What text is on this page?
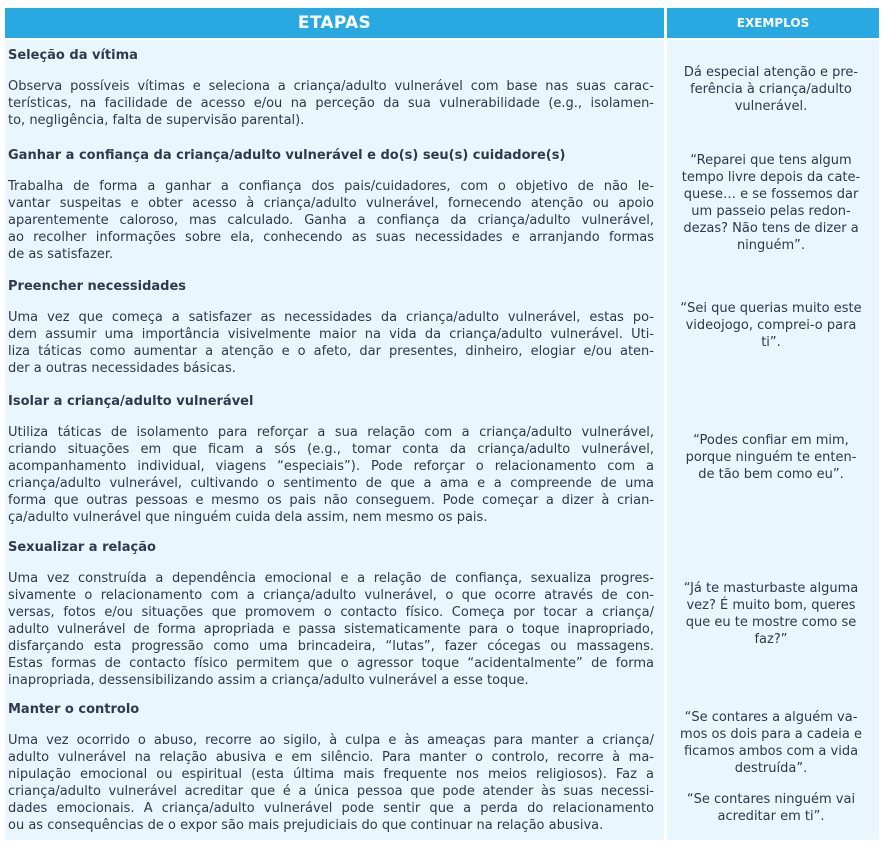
ETAPAS	EXEMPLOS
Seleção da vítima
Observa possíveis vítimas e seleciona a criança/adulto vulnerável com base nas suas carac-
terísticas, na facilidade de acesso e/ou na perceção da sua vulnerabilidade (e.g., isolamen-
to, negligência, falta de supervisão parental).
Ganhar a confiança da criança/adulto vulnerável e do(s) seu(s) cuidadore(s)
Trabalha de forma a ganhar a confiança dos pais/cuidadores, com o objetivo de não le-
vantar suspeitas e obter acesso à criança/adulto vulnerável, fornecendo atenção ou apoio
aparentemente caloroso, mas calculado. Ganha a confiança da criança/adulto vulnerável,
ao recolher informações sobre ela, conhecendo as suas necessidades e arranjando formas
de as satisfazer.
Preencher necessidades
Uma vez que começa a satisfazer as necessidades da criança/adulto vulnerável, estas po-
dem assumir uma importância visivelmente maior na vida da criança/adulto vulnerável. Uti-
liza táticas como aumentar a atenção e o afeto, dar presentes, dinheiro, elogiar e/ou aten-
der a outras necessidades básicas.
Isolar a criança/adulto vulnerável
Utiliza táticas de isolamento para reforçar a sua relação com a criança/adulto vulnerável,
criando situações em que ficam a sós (e.g., tomar conta da criança/adulto vulnerável,
acompanhamento individual, viagens “especiais”). Pode reforçar o relacionamento com a
criança/adulto vulnerável, cultivando o sentimento de que a ama e a compreende de uma
forma que outras pessoas e mesmo os pais não conseguem. Pode começar a dizer à crian-
ça/adulto vulnerável que ninguém cuida dela assim, nem mesmo os pais.
Sexualizar a relação
Uma vez construída a dependência emocional e a relação de confiança, sexualiza progres-
sivamente o relacionamento com a criança/adulto vulnerável, o que ocorre através de con-
versas, fotos e/ou situações que promovem o contacto físico. Começa por tocar a criança/
adulto vulnerável de forma apropriada e passa sistematicamente para o toque inapropriado,
disfarçando esta progressão como uma brincadeira, “lutas”, fazer cócegas ou massagens.
Estas formas de contacto físico permitem que o agressor toque “acidentalmente” de forma
inapropriada, dessensibilizando assim a criança/adulto vulnerável a esse toque.
Manter o controlo
Uma vez ocorrido o abuso, recorre ao sigilo, à culpa e às ameaças para manter a criança/
adulto vulnerável na relação abusiva e em silêncio. Para manter o controlo, recorre à ma-
nipulação emocional ou espiritual (esta última mais frequente nos meios religiosos). Faz a
criança/adulto vulnerável acreditar que é a única pessoa que pode atender às suas necessi-
dades emocionais. A criança/adulto vulnerável pode sentir que a perda do relacionamento
ou as consequências de o expor são mais prejudiciais do que continuar na relação abusiva.
Dá especial atenção e pre-
ferência à criança/adulto
vulnerável.
“Reparei que tens algum
tempo livre depois da cate-
quese… e se fossemos dar
um passeio pelas redon-
dezas? Não tens de dizer a
ninguém”.
“Sei que querias muito este
videojogo, comprei-o para
ti”.
“Podes confiar em mim,
porque ninguém te enten-
de tão bem como eu”.
“Já te masturbaste alguma
vez? É muito bom, queres
que eu te mostre como se
faz?”
“Se contares a alguém va-
mos os dois para a cadeia e
ficamos ambos com a vida
destruída”.
“Se contares ninguém vai
acreditar em ti”.
